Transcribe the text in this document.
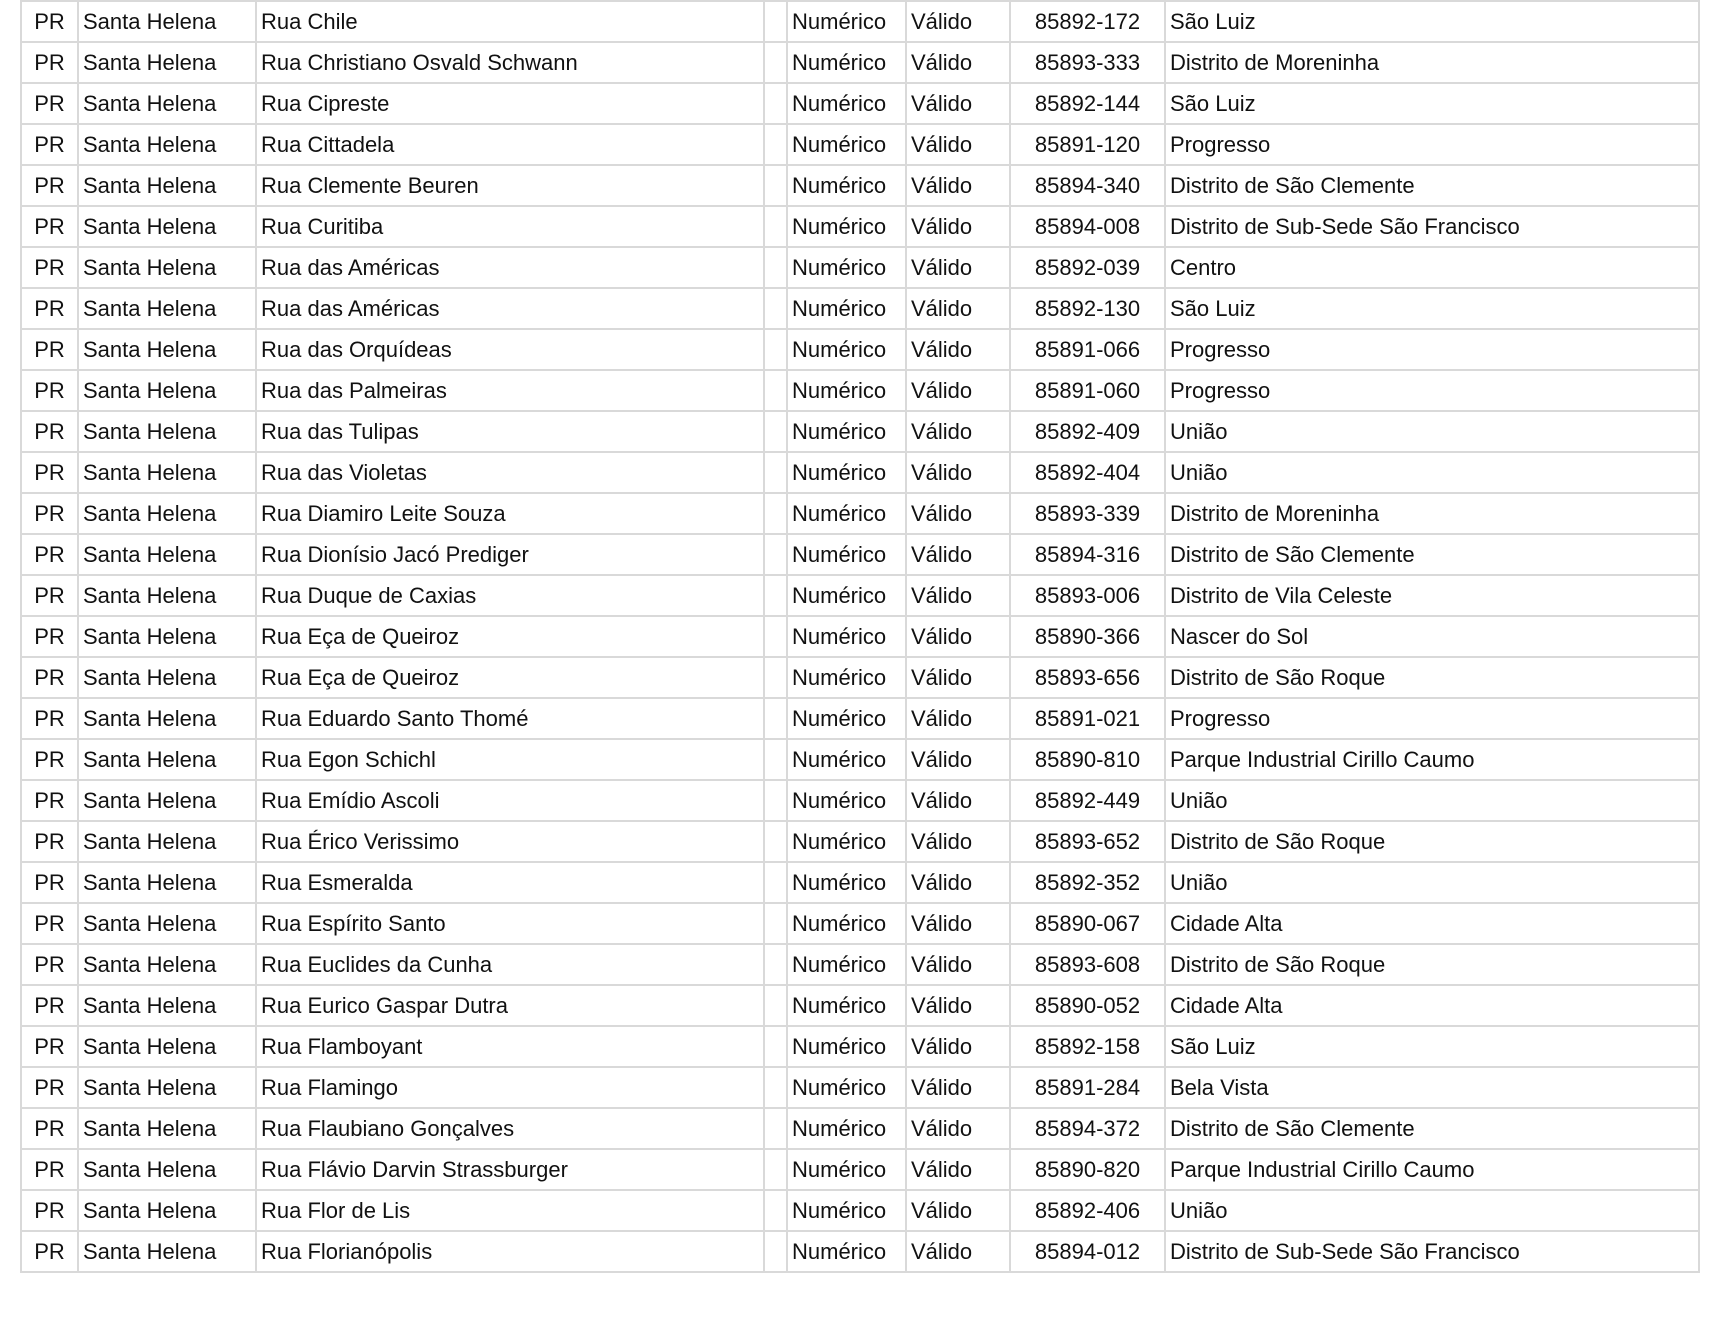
PR	Santa Helena	Rua Chile		Numérico	Válido	85892-172	São Luiz
PR	Santa Helena	Rua Christiano Osvald Schwann		Numérico	Válido	85893-333	Distrito de Moreninha
PR	Santa Helena	Rua Cipreste		Numérico	Válido	85892-144	São Luiz
PR	Santa Helena	Rua Cittadela		Numérico	Válido	85891-120	Progresso
PR	Santa Helena	Rua Clemente Beuren		Numérico	Válido	85894-340	Distrito de São Clemente
PR	Santa Helena	Rua Curitiba		Numérico	Válido	85894-008	Distrito de Sub-Sede São Francisco
PR	Santa Helena	Rua das Américas		Numérico	Válido	85892-039	Centro
PR	Santa Helena	Rua das Américas		Numérico	Válido	85892-130	São Luiz
PR	Santa Helena	Rua das Orquídeas		Numérico	Válido	85891-066	Progresso
PR	Santa Helena	Rua das Palmeiras		Numérico	Válido	85891-060	Progresso
PR	Santa Helena	Rua das Tulipas		Numérico	Válido	85892-409	União
PR	Santa Helena	Rua das Violetas		Numérico	Válido	85892-404	União
PR	Santa Helena	Rua Diamiro Leite Souza		Numérico	Válido	85893-339	Distrito de Moreninha
PR	Santa Helena	Rua Dionísio Jacó Prediger		Numérico	Válido	85894-316	Distrito de São Clemente
PR	Santa Helena	Rua Duque de Caxias		Numérico	Válido	85893-006	Distrito de Vila Celeste
PR	Santa Helena	Rua Eça de Queiroz		Numérico	Válido	85890-366	Nascer do Sol
PR	Santa Helena	Rua Eça de Queiroz		Numérico	Válido	85893-656	Distrito de São Roque
PR	Santa Helena	Rua Eduardo Santo Thomé		Numérico	Válido	85891-021	Progresso
PR	Santa Helena	Rua Egon Schichl		Numérico	Válido	85890-810	Parque Industrial Cirillo Caumo
PR	Santa Helena	Rua Emídio Ascoli		Numérico	Válido	85892-449	União
PR	Santa Helena	Rua Érico Verissimo		Numérico	Válido	85893-652	Distrito de São Roque
PR	Santa Helena	Rua Esmeralda		Numérico	Válido	85892-352	União
PR	Santa Helena	Rua Espírito Santo		Numérico	Válido	85890-067	Cidade Alta
PR	Santa Helena	Rua Euclides da Cunha		Numérico	Válido	85893-608	Distrito de São Roque
PR	Santa Helena	Rua Eurico Gaspar Dutra		Numérico	Válido	85890-052	Cidade Alta
PR	Santa Helena	Rua Flamboyant		Numérico	Válido	85892-158	São Luiz
PR	Santa Helena	Rua Flamingo		Numérico	Válido	85891-284	Bela Vista
PR	Santa Helena	Rua Flaubiano Gonçalves		Numérico	Válido	85894-372	Distrito de São Clemente
PR	Santa Helena	Rua Flávio Darvin Strassburger		Numérico	Válido	85890-820	Parque Industrial Cirillo Caumo
PR	Santa Helena	Rua Flor de Lis		Numérico	Válido	85892-406	União
PR	Santa Helena	Rua Florianópolis		Numérico	Válido	85894-012	Distrito de Sub-Sede São Francisco
